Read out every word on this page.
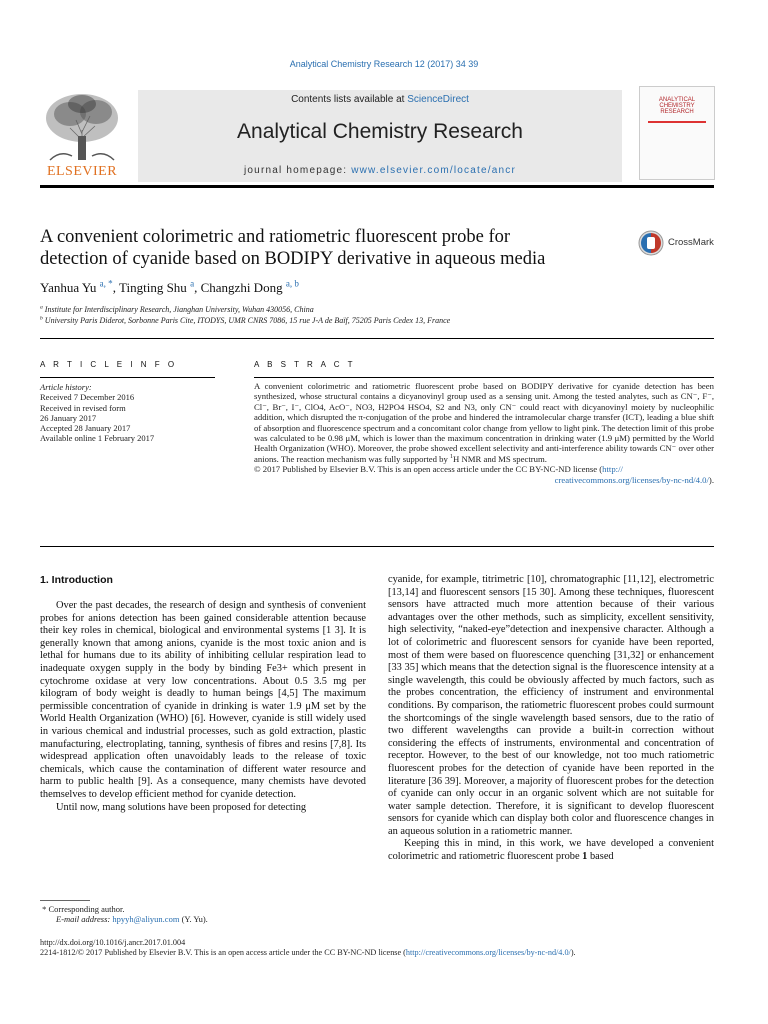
Analytical Chemistry Research 12 (2017) 34 39
ELSEVIER
Contents lists available at ScienceDirect
Analytical Chemistry Research
journal homepage: www.elsevier.com/locate/ancr
ANALYTICAL
CHEMISTRY
RESEARCH
A convenient colorimetric and ratiometric fluorescent probe for
detection of cyanide based on BODIPY derivative in aqueous media
CrossMark
Yanhua Yu $^{a, *}$, Tingting Shu $^a$, Changzhi Dong $^{a, b}$
$^a$ Institute for Interdisciplinary Research, Jianghan University, Wuhan 430056, China
$^b$ University Paris Diderot, Sorbonne Paris Cite, ITODYS, UMR CNRS 7086, 15 rue J-A de Baïf, 75205 Paris Cedex 13, France
A R T I C L E I N F O
Article history:
Received 7 December 2016
Received in revised form
26 January 2017
Accepted 28 January 2017
Available online 1 February 2017
A B S T R A C T
A convenient colorimetric and ratiometric fluorescent probe based on BODIPY derivative for cyanide detection has been synthesized, whose structural contains a dicyanovinyl group used as a sensing unit. Among the tested analytes, such as CN⁻, F⁻, Cl⁻, Br⁻, I⁻, ClO4, AcO⁻, NO3, H2PO4 HSO4, S2 and N3, only CN⁻ could react with dicyanovinyl moiety by nucleophilic addition, which disrupted the π-conjugation of the probe and hindered the intramolecular charge transfer (ICT), leading a blue shift of absorption and fluorescence spectrum and a concomitant color change from yellow to light pink. The detection limit of this probe was calculated to be 0.98 μM, which is lower than the maximum concentration in drinking water (1.9 μM) permitted by the World Health Organization (WHO). Moreover, the probe showed excellent selectivity and anti-interference ability towards CN⁻ over other anions. The reaction mechanism was fully supported by $^1$H NMR and MS spectrum.
© 2017 Published by Elsevier B.V. This is an open access article under the CC BY-NC-ND license (http://
creativecommons.org/licenses/by-nc-nd/4.0/).
1. Introduction

Over the past decades, the research of design and synthesis of convenient probes for anions detection has been gained considerable attention because their key roles in chemical, biological and environmental systems [1 3]. It is generally known that among anions, cyanide is the most toxic anion and is lethal for humans due to its ability of inhibiting cellular respiration lead to inadequate oxygen supply in the body by binding Fe3+ which present in cytochrome oxidase at very low concentrations. About 0.5 3.5 mg per kilogram of body weight is deadly to human beings [4,5] The maximum permissible concentration of cyanide in drinking is water 1.9 μM set by the World Health Organization (WHO) [6]. However, cyanide is still widely used in various chemical and industrial processes, such as gold extraction, plastic manufacturing, electroplating, tanning, synthesis of fibres and resins [7,8]. Its widespread application often unavoidably leads to the release of toxic chemicals, which cause the contamination of different water resource and harm to public health [9]. As a consequence, many chemists have devoted themselves to develop efficient method for cyanide detection.

Until now, mang solutions have been proposed for detecting

cyanide, for example, titrimetric [10], chromatographic [11,12], electrometric [13,14] and fluorescent sensors [15 30]. Among these techniques, fluorescent sensors have attracted much more attention because of their various advantages over the other methods, such as simplicity, excellent sensitivity, high selectivity, “naked-eye”detection and inexpensive character. Although a lot of colorimetric and fluorescent sensors for cyanide have been reported, most of them were based on fluorescence quenching [31,32] or enhancement [33 35] which means that the detection signal is the fluorescence intensity at a single wavelength, this could be obviously affected by much factors, such as the probes concentration, the efficiency of instrument and environmental conditions. By comparison, the ratiometric fluorescent probes could surmount the shortcomings of the single wavelength based sensors, due to the ratio of two different wavelengths can provide a built-in correction without considering the effects of instruments, environmental and concentration of receptor. However, to the best of our knowledge, not too much ratiometric fluorescent probes for the detection of cyanide have been reported in the literature [36 39]. Moreover, a majority of fluorescent probes for the detection of cyanide can only occur in an organic solvent which are not suitable for water sample detection. Therefore, it is significant to develop fluorescent sensors for cyanide which can display both color and fluorescence changes in an aqueous solution in a ratiometric manner.

Keeping this in mind, in this work, we have developed a convenient colorimetric and ratiometric fluorescent probe 1 based

* Corresponding author.
E-mail address: hpyyh@aliyun.com (Y. Yu).
http://dx.doi.org/10.1016/j.ancr.2017.01.004
2214-1812/© 2017 Published by Elsevier B.V. This is an open access article under the CC BY-NC-ND license (http://creativecommons.org/licenses/by-nc-nd/4.0/).
